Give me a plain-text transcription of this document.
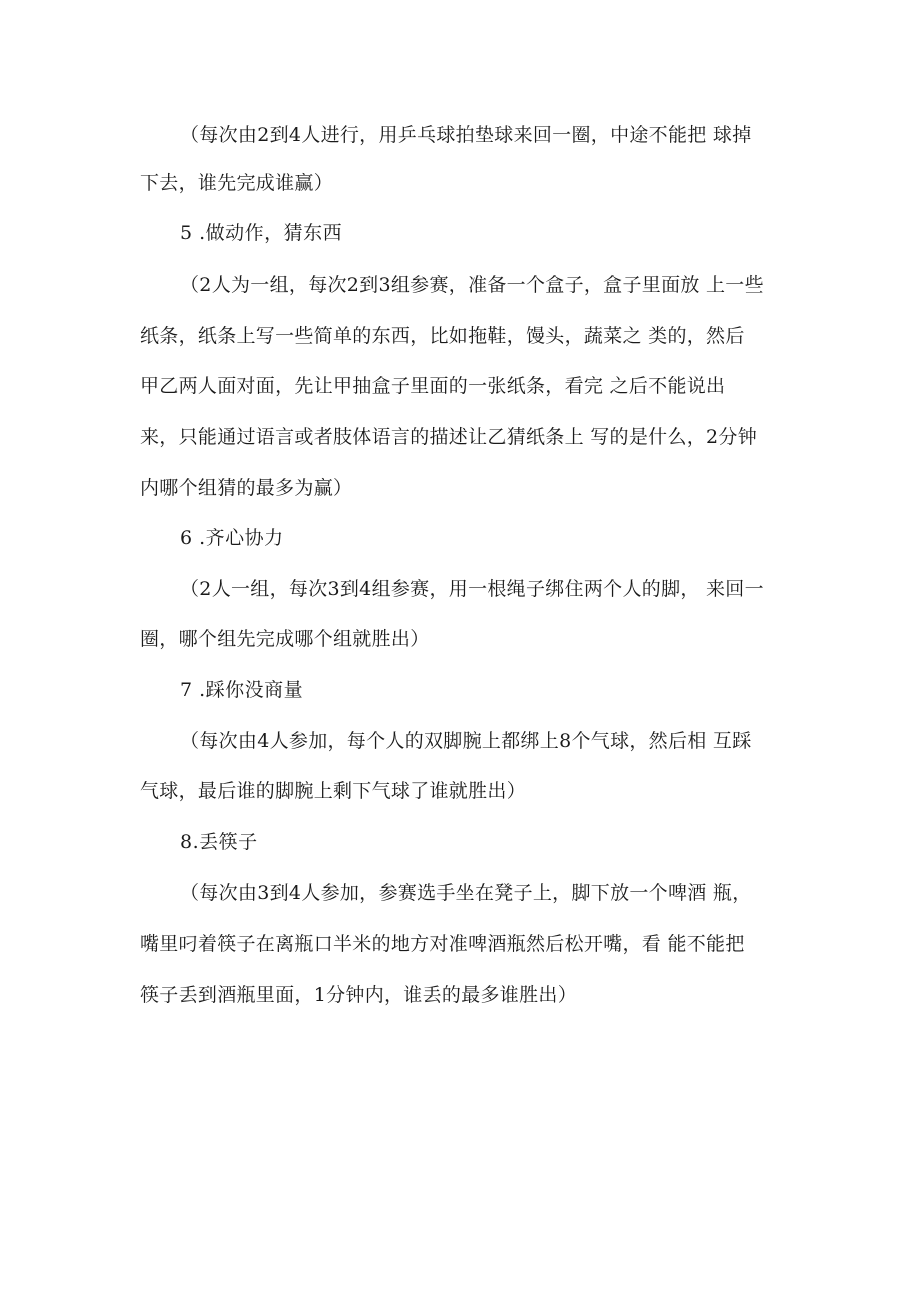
（每次由2到4人进行，用乒乓球拍垫球来回一圈，中途不能把 球掉
下去，谁先完成谁赢）
5 .做动作，猜东西
（2人为一组，每次2到3组参赛，准备一个盒子，盒子里面放 上一些
纸条，纸条上写一些简单的东西，比如拖鞋，馒头，蔬菜之 类的，然后
甲乙两人面对面，先让甲抽盒子里面的一张纸条，看完 之后不能说出
来，只能通过语言或者肢体语言的描述让乙猜纸条上 写的是什么，2分钟
内哪个组猜的最多为赢）
6 .齐心协力
（2人一组，每次3到4组参赛，用一根绳子绑住两个人的脚， 来回一
圈，哪个组先完成哪个组就胜出）
7 .踩你没商量
（每次由4人参加，每个人的双脚腕上都绑上8个气球，然后相 互踩
气球，最后谁的脚腕上剩下气球了谁就胜出）
8.丢筷子
（每次由3到4人参加，参赛选手坐在凳子上，脚下放一个啤酒 瓶，
嘴里叼着筷子在离瓶口半米的地方对准啤酒瓶然后松开嘴，看 能不能把
筷子丢到酒瓶里面，1分钟内，谁丢的最多谁胜出）
